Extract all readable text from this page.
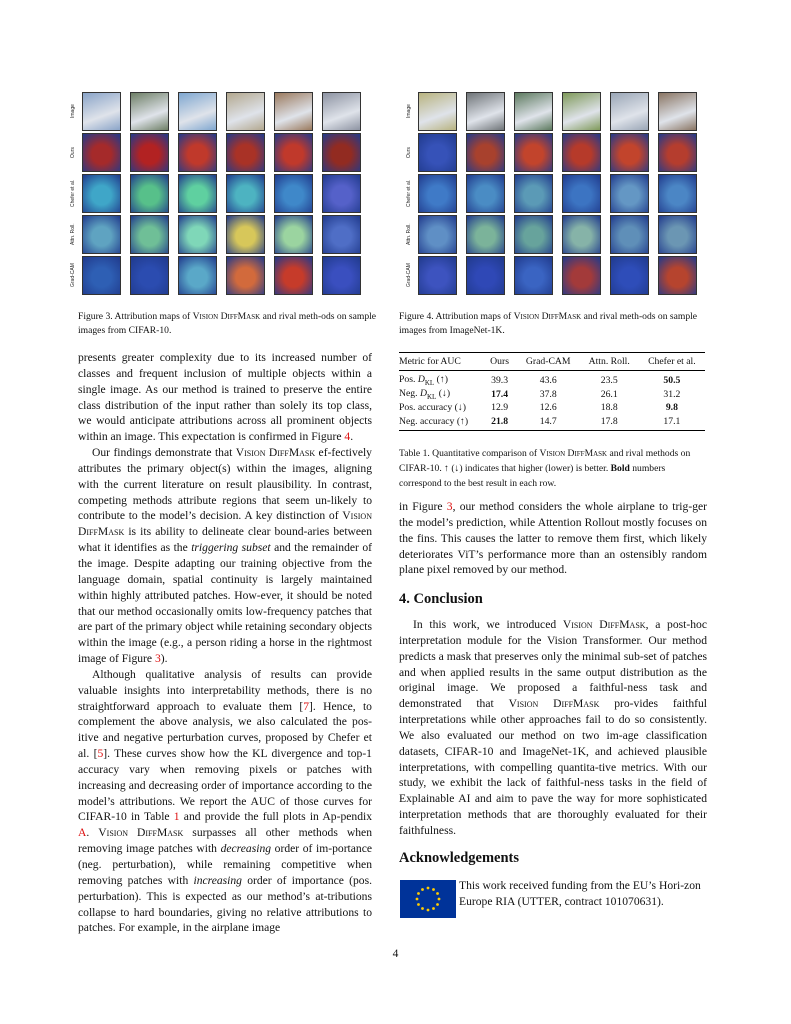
Image
Ours
Chefer et al.
Attn. Roll.
Grad-CAM
Figure 3. Attribution maps of Vision DiffMask and rival meth-ods on sample images from CIFAR-10.
Image
Ours
Chefer et al.
Attn. Roll.
Grad-CAM
Figure 4. Attribution maps of Vision DiffMask and rival meth-ods on sample images from ImageNet-1K.

presents greater complexity due to its increased number of classes and frequent inclusion of multiple objects within a single image. As our method is trained to preserve the entire class distribution of the input rather than solely its top class, we would anticipate attributions across all prominent objects within an image. This expectation is confirmed in Figure 4.

Our findings demonstrate that Vision DiffMask ef-fectively attributes the primary object(s) within the images, aligning with the current literature on result plausibility. In contrast, competing methods attribute regions that seem un-likely to contribute to the model’s decision. A key distinction of Vision DiffMask is its ability to delineate clear bound-aries between what it identifies as the triggering subset and the remainder of the image. Despite adapting our training objective from the language domain, spatial continuity is largely maintained within highly attributed patches. How-ever, it should be noted that our method occasionally omits low-frequency patches that are part of the primary object while retaining secondary objects within the image (e.g., a person riding a horse in the rightmost image of Figure 3).

Although qualitative analysis of results can provide valuable insights into interpretability methods, there is no straightforward approach to evaluate them [7]. Hence, to complement the above analysis, we also calculated the pos-itive and negative perturbation curves, proposed by Chefer et al. [5]. These curves show how the KL divergence and top-1 accuracy vary when removing pixels or patches with increasing and decreasing order of importance according to the model’s attributions. We report the AUC of those curves for CIFAR-10 in Table 1 and provide the full plots in Ap-pendix A. Vision DiffMask surpasses all other methods when removing image patches with decreasing order of im-portance (neg. perturbation), while remaining competitive when removing patches with increasing order of importance (pos. perturbation). This is expected as our method’s at-tributions collapse to hard boundaries, giving no relative attributions to patches. For example, in the airplane image

Metric for AUC	Ours	Grad-CAM	Attn. Roll.	Chefer et al.
Pos. $D_{KL}$ (↑)	39.3	43.6	23.5	50.5
Neg. $D_{KL}$ (↓)	17.4	37.8	26.1	31.2
Pos. accuracy (↓)	12.9	12.6	18.8	9.8
Neg. accuracy (↑)	21.8	14.7	17.8	17.1
Table 1. Quantitative comparison of Vision DiffMask and rival methods on CIFAR-10. ↑ (↓) indicates that higher (lower) is better. Bold numbers correspond to the best result in each row.

in Figure 3, our method considers the whole airplane to trig-ger the model’s prediction, while Attention Rollout mostly focuses on the fins. This causes the latter to remove them first, which likely deteriorates ViT’s performance more than an ostensibly random plane pixel removed by our method.

4. Conclusion

In this work, we introduced Vision DiffMask, a post-hoc interpretation module for the Vision Transformer. Our method predicts a mask that preserves only the minimal sub-set of patches and when applied results in the same output distribution as the original image. We proposed a faithful-ness task and demonstrated that Vision DiffMask pro-vides faithful interpretations while other approaches fail to do so consistently. We also evaluated our method on two im-age classification datasets, CIFAR-10 and ImageNet-1K, and achieved plausible interpretations, with compelling quantita-tive metrics. With our study, we exhibit the lack of faithful-ness tasks in the field of Explainable AI and aim to pave the way for more sophisticated interpretation methods that are thoroughly evaluated for their faithfulness.

Acknowledgements
This work received funding from the EU’s Hori-zon Europe RIA (UTTER, contract 101070631).
4
